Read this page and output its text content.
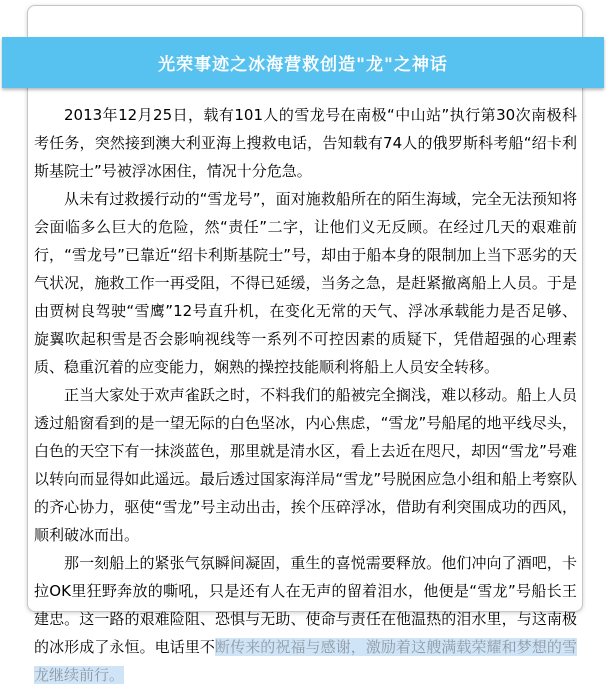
2013年12月25日，载有101人的雪龙号在南极“中山站”执行第30次南极科考任务，突然接到澳大利亚海上搜救电话，告知载有74人的俄罗斯科考船“绍卡利斯基院士”号被浮冰困住，情况十分危急。

从未有过救援行动的“雪龙号”，面对施救船所在的陌生海域，完全无法预知将会面临多么巨大的危险，然“责任”二字，让他们义无反顾。在经过几天的艰难前行，“雪龙号”已靠近“绍卡利斯基院士”号，却由于船本身的限制加上当下恶劣的天气状况，施救工作一再受阻，不得已延缓，当务之急，是赶紧撤离船上人员。于是由贾树良驾驶“雪鹰”12号直升机，在变化无常的天气、浮冰承载能力是否足够、旋翼吹起积雪是否会影响视线等一系列不可控因素的质疑下，凭借超强的心理素质、稳重沉着的应变能力，娴熟的操控技能顺利将船上人员安全转移。

正当大家处于欢声雀跃之时，不料我们的船被完全搁浅，难以移动。船上人员透过船窗看到的是一望无际的白色坚冰，内心焦虑，“雪龙”号船尾的地平线尽头，白色的天空下有一抹淡蓝色，那里就是清水区，看上去近在咫尺，却因“雪龙”号难以转向而显得如此遥远。最后透过国家海洋局“雪龙”号脱困应急小组和船上考察队的齐心协力，驱使“雪龙”号主动出击，挨个压碎浮冰，借助有利突围成功的西风，顺利破冰而出。

那一刻船上的紧张气氛瞬间凝固，重生的喜悦需要释放。他们冲向了酒吧，卡拉OK里狂野奔放的嘶吼，只是还有人在无声的留着泪水，他便是“雪龙”号船长王建忠。这一路的艰难险阻、恐惧与无助、使命与责任在他温热的泪水里，与这南极的冰形成了永恒。电话里不断传来的祝福与感谢，激励着这艘满载荣耀和梦想的雪龙继续前行。

光荣事迹之冰海营救创造"龙"之神话
